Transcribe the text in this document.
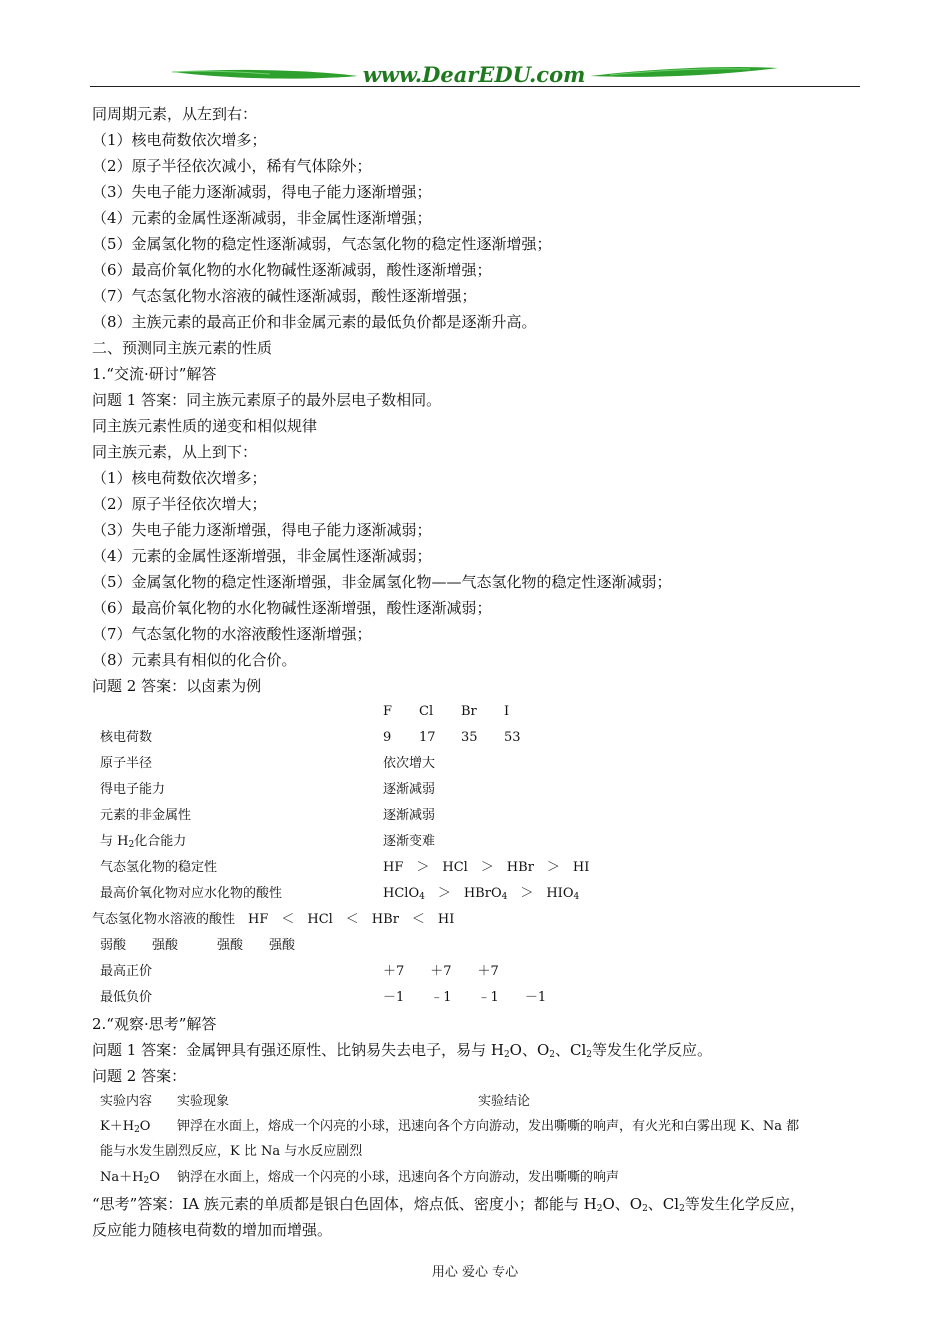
www.DearEDU.com
同周期元素，从左到右：
（1）核电荷数依次增多；
（2）原子半径依次减小，稀有气体除外；
（3）失电子能力逐渐减弱，得电子能力逐渐增强；
（4）元素的金属性逐渐减弱，非金属性逐渐增强；
（5）金属氢化物的稳定性逐渐减弱，气态氢化物的稳定性逐渐增强；
（6）最高价氧化物的水化物碱性逐渐减弱，酸性逐渐增强；
（7）气态氢化物水溶液的碱性逐渐减弱，酸性逐渐增强；
（8）主族元素的最高正价和非金属元素的最低负价都是逐渐升高。
二、预测同主族元素的性质
1.“交流·研讨”解答
问题 1 答案：同主族元素原子的最外层电子数相同。
同主族元素性质的递变和相似规律
同主族元素，从上到下：
（1）核电荷数依次增多；
（2）原子半径依次增大；
（3）失电子能力逐渐增强，得电子能力逐渐减弱；
（4）元素的金属性逐渐增强，非金属性逐渐减弱；
（5）金属氢化物的稳定性逐渐增强，非金属氢化物——气态氢化物的稳定性逐渐减弱；
（6）最高价氧化物的水化物碱性逐渐增强，酸性逐渐减弱；
（7）气态氢化物的水溶液酸性逐渐增强；
（8）元素具有相似的化合价。
问题 2 答案：以卤素为例
F Cl Br I
核电荷数	9 17 35 53
原子半径	依次增大
得电子能力	逐渐减弱
元素的非金属性	逐渐减弱
与 $H_2$化合能力	逐渐变难
气态氢化物的稳定性	HF　＞　HCl　＞　HBr　＞　HI
最高价氧化物对应水化物的酸性	HClO$_4$　＞　HBrO$_4$　＞　$HIO_4$
气态氢化物水溶液的酸性　HF　＜　HCl　＜　HBr　＜　HI
弱酸　　强酸　　　强酸　　强酸
最高正价	＋7　　＋7　　＋7
最低负价	－1　　﹣1　　﹣1　　－1
2.“观察·思考”解答
问题 1 答案：金属钾具有强还原性、比钠易失去电子，易与 $H_2O$、$O_2$、$Cl_2$等发生化学反应。
问题 2 答案：
实验内容 实验现象	实验结论
$K+H_2O$ 钾浮在水面上，熔成一个闪亮的小球，迅速向各个方向游动，发出嘶嘶的响声，有火光和白雾出现 K、Na 都
能与水发生剧烈反应，K 比 Na 与水反应剧烈
$Na+H_2O$ 钠浮在水面上，熔成一个闪亮的小球，迅速向各个方向游动，发出嘶嘶的响声
“思考”答案：ⅠA 族元素的单质都是银白色固体，熔点低、密度小；都能与 $H_2O$、$O_2$、$Cl_2$等发生化学反应，
反应能力随核电荷数的增加而增强。
用心 爱心 专心
